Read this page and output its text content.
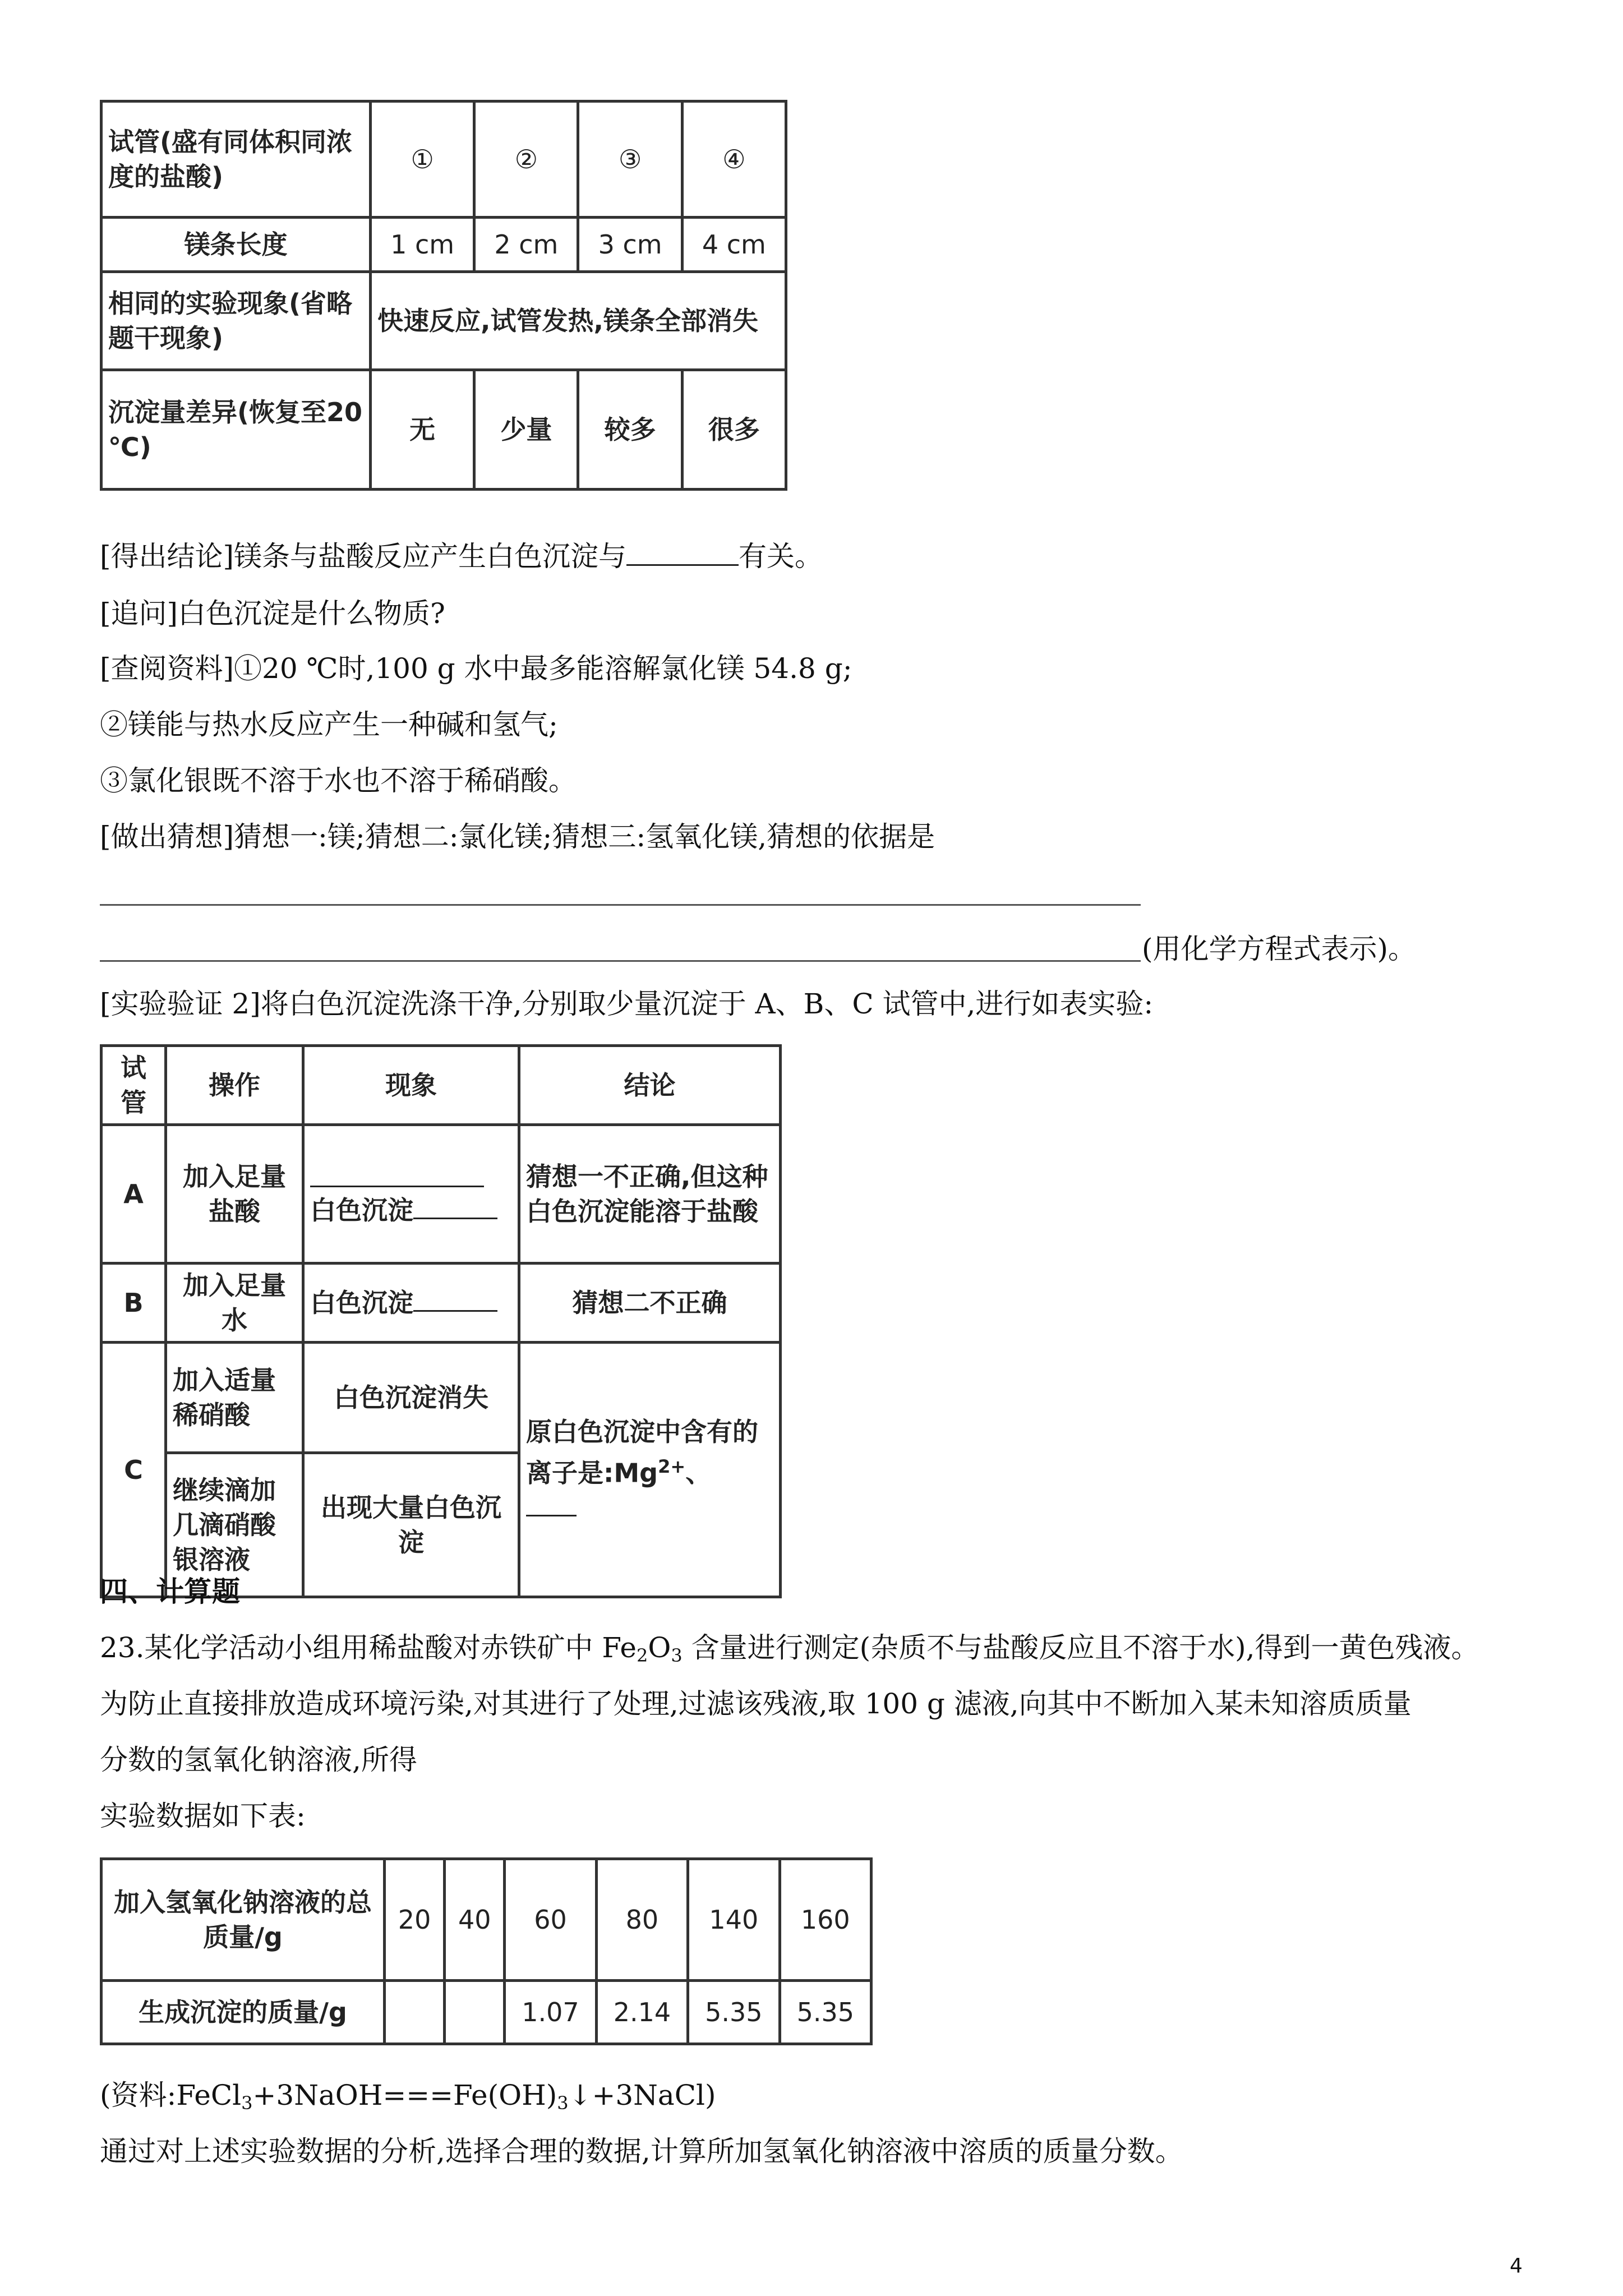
试管(盛有同体积同浓度的盐酸)	①	②	③	④
镁条长度	1 cm	2 cm	3 cm	4 cm
相同的实验现象(省略题干现象)	快速反应,试管发热,镁条全部消失			
沉淀量差异(恢复至20 ℃)	无	少量	较多	很多
[得出结论]镁条与盐酸反应产生白色沉淀与	有关。
[追问]白色沉淀是什么物质?
[查阅资料]①20 ℃时,100 g 水中最多能溶解氯化镁 54.8 g;
②镁能与热水反应产生一种碱和氢气;
③氯化银既不溶于水也不溶于稀硝酸。
[做出猜想]猜想一:镁;猜想二:氯化镁;猜想三:氢氧化镁,猜想的依据是
(用化学方程式表示)。
[实验验证 2]将白色沉淀洗涤干净,分别取少量沉淀于 A、B、C 试管中,进行如表实验:
试管	操作	现象	结论
A	加入足量盐酸	白色沉淀	猜想一不正确,但这种白色沉淀能溶于盐酸
B	加入足量水	白色沉淀	猜想二不正确
C	加入适量稀硝酸	白色沉淀消失	原白色沉淀中含有的离子是$:Mg^{2+}$、

	继续滴加几滴硝酸银溶液	出现大量白色沉淀	
四、计算题
23.某化学活动小组用稀盐酸对赤铁矿中 $Fe_2O_3$ 含量进行测定(杂质不与盐酸反应且不溶于水),得到一黄色残液。
为防止直接排放造成环境污染,对其进行了处理,过滤该残液,取 100 g 滤液,向其中不断加入某未知溶质质量
分数的氢氧化钠溶液,所得
实验数据如下表:
加入氢氧化钠溶液的总质量/g	20	40	60	80	140	160
生成沉淀的质量/g			1.07	2.14	5.35	5.35
(资料$:FeCl_3+3NaOH===Fe(OH)_3↓+3NaCl$)
通过对上述实验数据的分析,选择合理的数据,计算所加氢氧化钠溶液中溶质的质量分数。
4
